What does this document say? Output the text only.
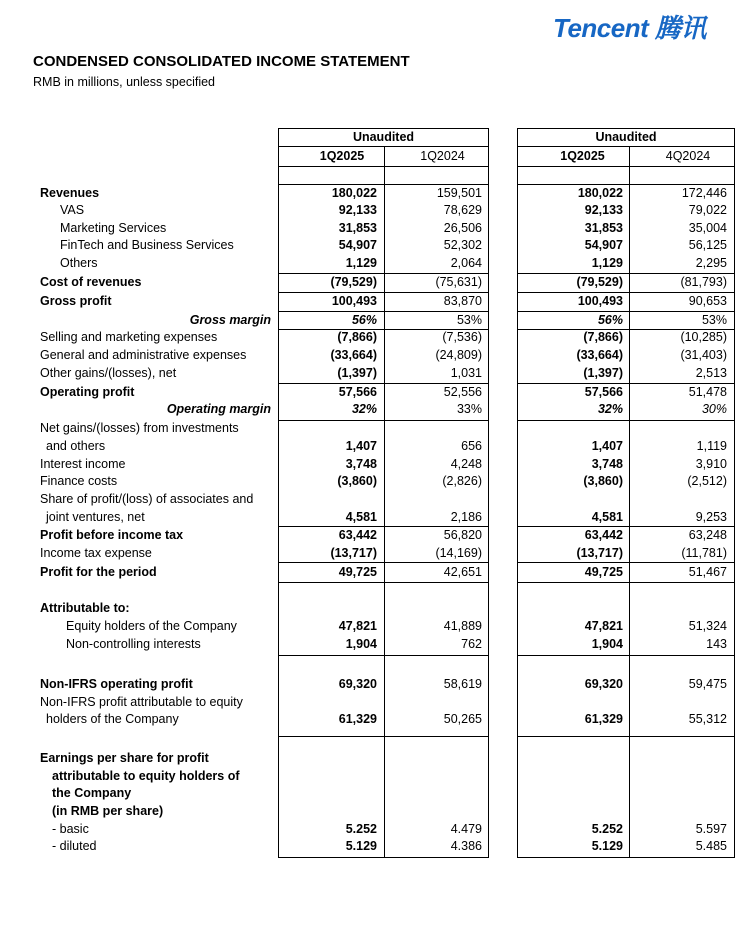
Tencent 腾讯
CONDENSED CONSOLIDATED INCOME STATEMENT
RMB in millions, unless specified
Unaudited	Unaudited
1Q2025	1Q2024	1Q2025	4Q2024
Revenues	180,022	159,501	180,022	172,446
VAS	92,133	78,629	92,133	79,022
Marketing Services	31,853	26,506	31,853	35,004
FinTech and Business Services	54,907	52,302	54,907	56,125
Others	1,129	2,064	1,129	2,295
Cost of revenues	(79,529)	(75,631)	(79,529)	(81,793)
Gross profit	100,493	83,870	100,493	90,653
Gross margin	56%	53%	56%	53%
Selling and marketing expenses	(7,866)	(7,536)	(7,866)	(10,285)
General and administrative expenses	(33,664)	(24,809)	(33,664)	(31,403)
Other gains/(losses), net	(1,397)	1,031	(1,397)	2,513
Operating profit	57,566	52,556	57,566	51,478
Operating margin	32%	33%	32%	30%
Net gains/(losses) from investments
and others	1,407	656	1,407	1,119
Interest income	3,748	4,248	3,748	3,910
Finance costs	(3,860)	(2,826)	(3,860)	(2,512)
Share of profit/(loss) of associates and
joint ventures, net	4,581	2,186	4,581	9,253
Profit before income tax	63,442	56,820	63,442	63,248
Income tax expense	(13,717)	(14,169)	(13,717)	(11,781)
Profit for the period	49,725	42,651	49,725	51,467
Attributable to:
Equity holders of the Company	47,821	41,889	47,821	51,324
Non-controlling interests	1,904	762	1,904	143
Non-IFRS operating profit	69,320	58,619	69,320	59,475
Non-IFRS profit attributable to equity
holders of the Company	61,329	50,265	61,329	55,312
Earnings per share for profit
attributable to equity holders of
the Company
(in RMB per share)
- basic	5.252	4.479	5.252	5.597
- diluted	5.129	4.386	5.129	5.485
